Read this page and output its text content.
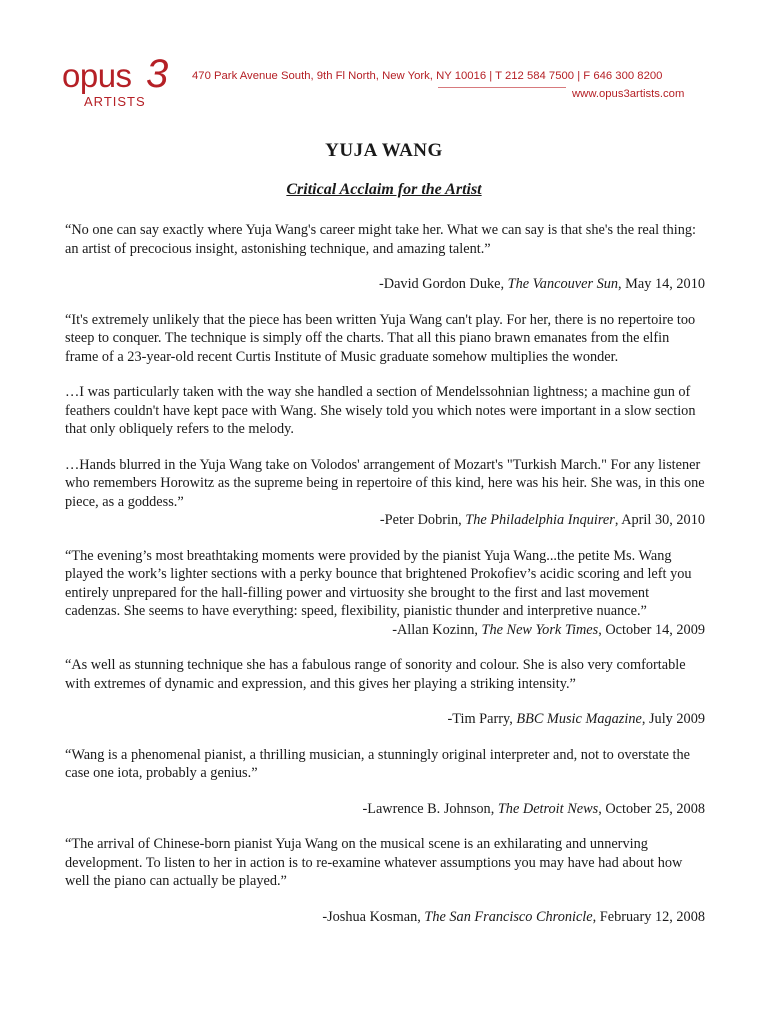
opus 3
ARTISTS
470 Park Avenue South, 9th Fl North, New York, NY 10016 | T 212 584 7500 | F 646 300 8200
www.opus3artists.com
YUJA WANG
Critical Acclaim for the Artist

“No one can say exactly where Yuja Wang's career might take her. What we can say is that she's the real thing: an artist of precocious insight, astonishing technique, and amazing talent.”

-David Gordon Duke, The Vancouver Sun, May 14, 2010

“It's extremely unlikely that the piece has been written Yuja Wang can't play. For her, there is no repertoire too steep to conquer. The technique is simply off the charts. That all this piano brawn emanates from the elfin frame of a 23-year-old recent Curtis Institute of Music graduate somehow multiplies the wonder.

…I was particularly taken with the way she handled a section of Mendelssohnian lightness; a machine gun of feathers couldn't have kept pace with Wang. She wisely told you which notes were important in a slow section that only obliquely refers to the melody.

…Hands blurred in the Yuja Wang take on Volodos' arrangement of Mozart's "Turkish March." For any listener who remembers Horowitz as the supreme being in repertoire of this kind, here was his heir. She was, in this one piece, as a goddess.”

-Peter Dobrin, The Philadelphia Inquirer, April 30, 2010

“The evening’s most breathtaking moments were provided by the pianist Yuja Wang...the petite Ms. Wang played the work’s lighter sections with a perky bounce that brightened Prokofiev’s acidic scoring and left you entirely unprepared for the hall-filling power and virtuosity she brought to the first and last movement cadenzas. She seems to have everything: speed, flexibility, pianistic thunder and interpretive nuance.”

-Allan Kozinn, The New York Times, October 14, 2009

“As well as stunning technique she has a fabulous range of sonority and colour. She is also very comfortable with extremes of dynamic and expression, and this gives her playing a striking intensity.”

-Tim Parry, BBC Music Magazine, July 2009

“Wang is a phenomenal pianist, a thrilling musician, a stunningly original interpreter and, not to overstate the case one iota, probably a genius.”

-Lawrence B. Johnson, The Detroit News, October 25, 2008

“The arrival of Chinese-born pianist Yuja Wang on the musical scene is an exhilarating and unnerving development. To listen to her in action is to re-examine whatever assumptions you may have had about how well the piano can actually be played.”

-Joshua Kosman, The San Francisco Chronicle, February 12, 2008
